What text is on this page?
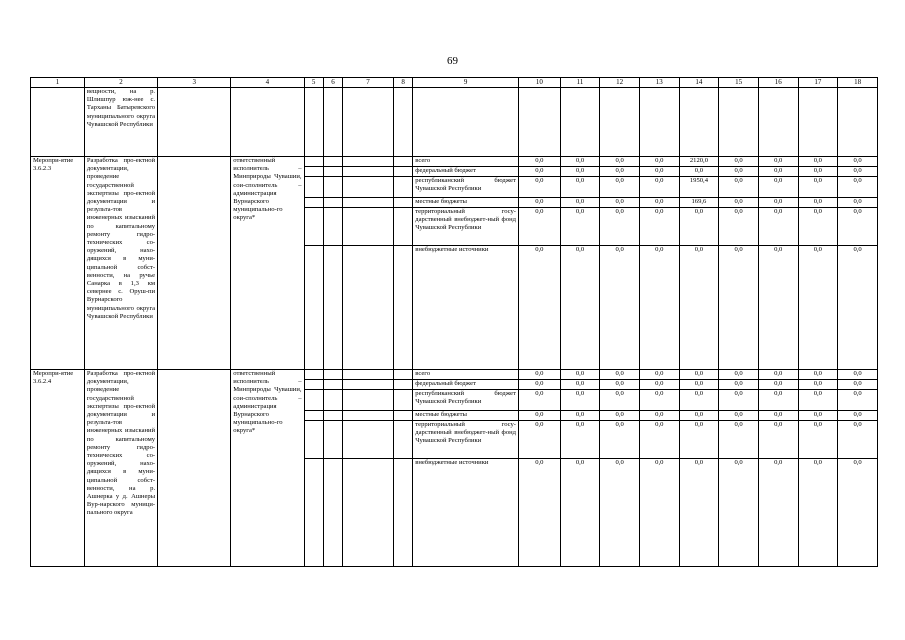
69
1	2	3	4	5	6	7	8	9	10	11	12	13	14	15	16	17	18
	вещности, на р. Шлишпур юж-нее с. Тарханы Батыревского муниципального округа Чувашской Республики																
Меропри-ятие 3.6.2.3	Разработка про-ектной документации, проведение государственной экспертизы про-ектной документации и результа-тов инженерных изысканий по капитальному ремонту гидро-технических со-оружений, нахо-дящихся в муни-ципальной собст-венности, на ручье Санарка в 1,3 км севернее с. Оруш-пи Вурнарского муниципального округа Чувашской Республики		ответственный исполнитель – Минприроды Чувашии, сои-сполнитель – администрация Вурнарского муниципально-го округа*					всего	0,0	0,0	0,0	0,0	2120,0	0,0	0,0	0,0	0,0
								федеральный бюджет	0,0	0,0	0,0	0,0	0,0	0,0	0,0	0,0	0,0
								республиканский бюджет Чувашской Республики	0,0	0,0	0,0	0,0	1950,4	0,0	0,0	0,0	0,0
								местные бюджеты	0,0	0,0	0,0	0,0	169,6	0,0	0,0	0,0	0,0
								территориальный госу-дарственный внебюджет-ный фонд Чувашской Республики	0,0	0,0	0,0	0,0	0,0	0,0	0,0	0,0	0,0
								внебюджетные источники	0,0	0,0	0,0	0,0	0,0	0,0	0,0	0,0	0,0
Меропри-ятие 3.6.2.4	Разработка про-ектной документации, проведение государственной экспертизы про-ектной документации и результа-тов инженерных изысканий по капитальному ремонту гидро-технических со-оружений, нахо-дящихся в муни-ципальной собст-венности, на р. Ашнерка у д. Ашнеры Вур-нарского муници-пального округа		ответственный исполнитель – Минприроды Чувашии, сои-сполнитель – администрация Вурнарского муниципально-го округа*					всего	0,0	0,0	0,0	0,0	0,0	0,0	0,0	0,0	0,0
								федеральный бюджет	0,0	0,0	0,0	0,0	0,0	0,0	0,0	0,0	0,0
								республиканский бюджет Чувашской Республики	0,0	0,0	0,0	0,0	0,0	0,0	0,0	0,0	0,0
								местные бюджеты	0,0	0,0	0,0	0,0	0,0	0,0	0,0	0,0	0,0
								территориальный госу-дарственный внебюджет-ный фонд Чувашской Республики	0,0	0,0	0,0	0,0	0,0	0,0	0,0	0,0	0,0
								внебюджетные источники	0,0	0,0	0,0	0,0	0,0	0,0	0,0	0,0	0,0
